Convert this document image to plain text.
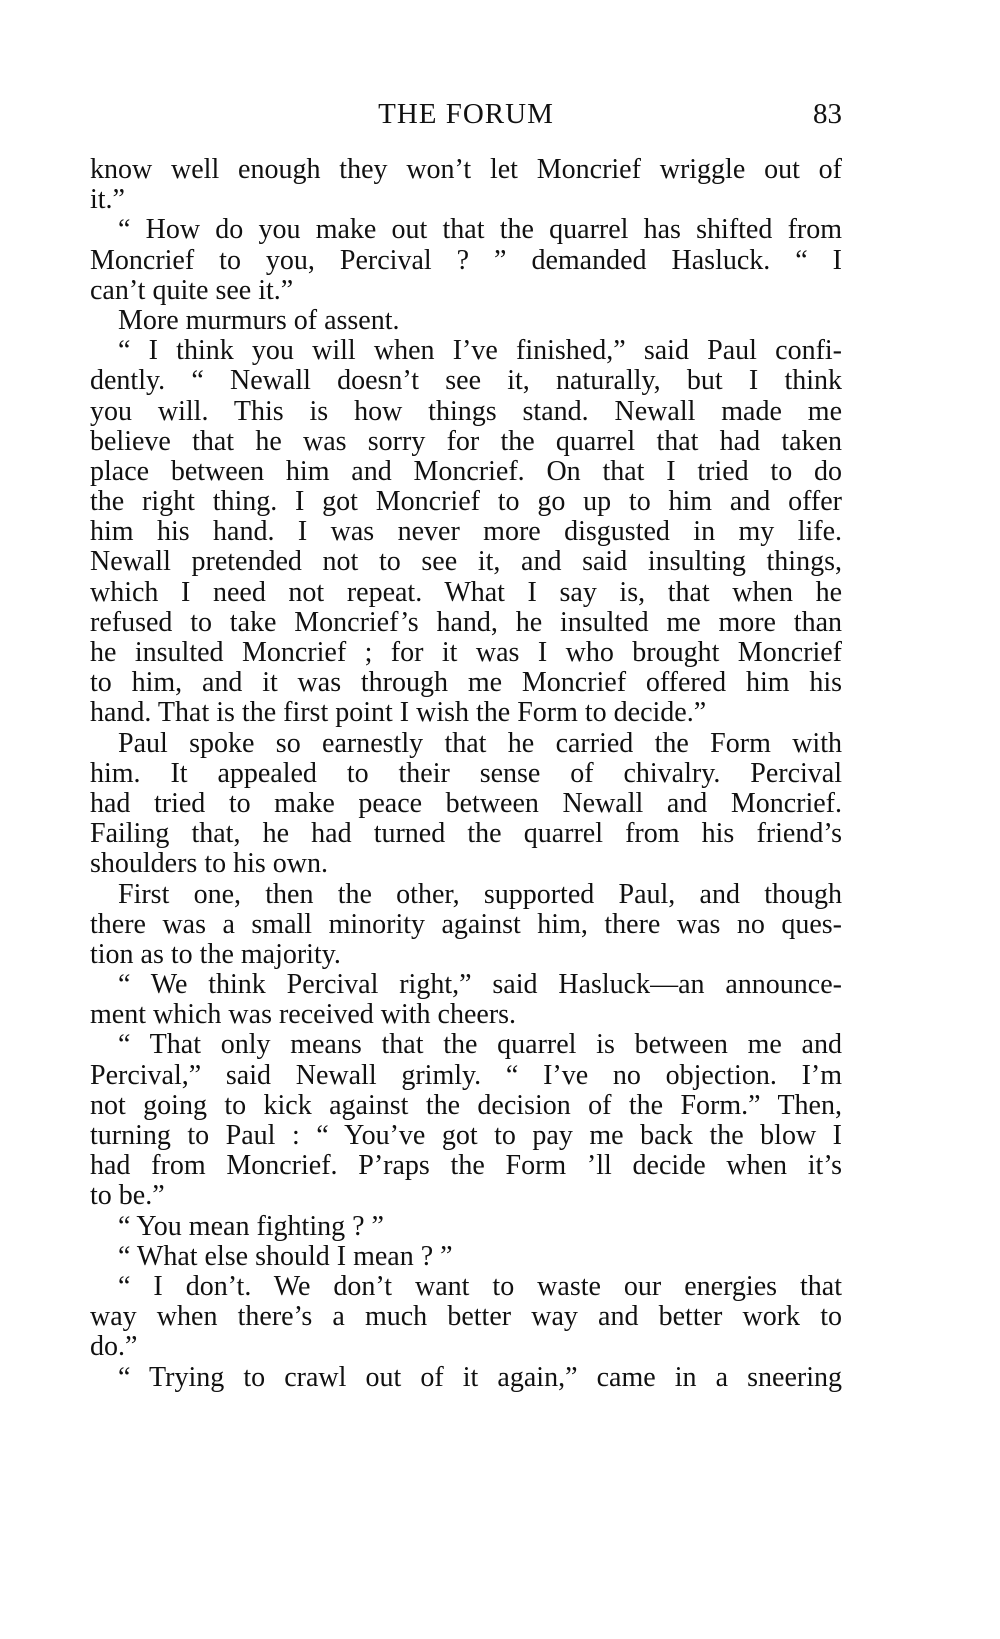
THE FORUM	83
know well enough they won’t let Moncrief wriggle out of
it.”
“ How do you make out that the quarrel has shifted from
Moncrief to you, Percival ? ” demanded Hasluck. “ I
can’t quite see it.”
More murmurs of assent.
“ I think you will when I’ve finished,” said Paul confi-
dently. “ Newall doesn’t see it, naturally, but I think
you will. This is how things stand. Newall made me
believe that he was sorry for the quarrel that had taken
place between him and Moncrief. On that I tried to do
the right thing. I got Moncrief to go up to him and offer
him his hand. I was never more disgusted in my life.
Newall pretended not to see it, and said insulting things,
which I need not repeat. What I say is, that when he
refused to take Moncrief’s hand, he insulted me more than
he insulted Moncrief ; for it was I who brought Moncrief
to him, and it was through me Moncrief offered him his
hand. That is the first point I wish the Form to decide.”
Paul spoke so earnestly that he carried the Form with
him. It appealed to their sense of chivalry. Percival
had tried to make peace between Newall and Moncrief.
Failing that, he had turned the quarrel from his friend’s
shoulders to his own.
First one, then the other, supported Paul, and though
there was a small minority against him, there was no ques-
tion as to the majority.
“ We think Percival right,” said Hasluck—an announce-
ment which was received with cheers.
“ That only means that the quarrel is between me and
Percival,” said Newall grimly. “ I’ve no objection. I’m
not going to kick against the decision of the Form.” Then,
turning to Paul : “ You’ve got to pay me back the blow I
had from Moncrief. P’raps the Form ’ll decide when it’s
to be.”
“ You mean fighting ? ”
“ What else should I mean ? ”
“ I don’t. We don’t want to waste our energies that
way when there’s a much better way and better work to
do.”
“ Trying to crawl out of it again,” came in a sneering
